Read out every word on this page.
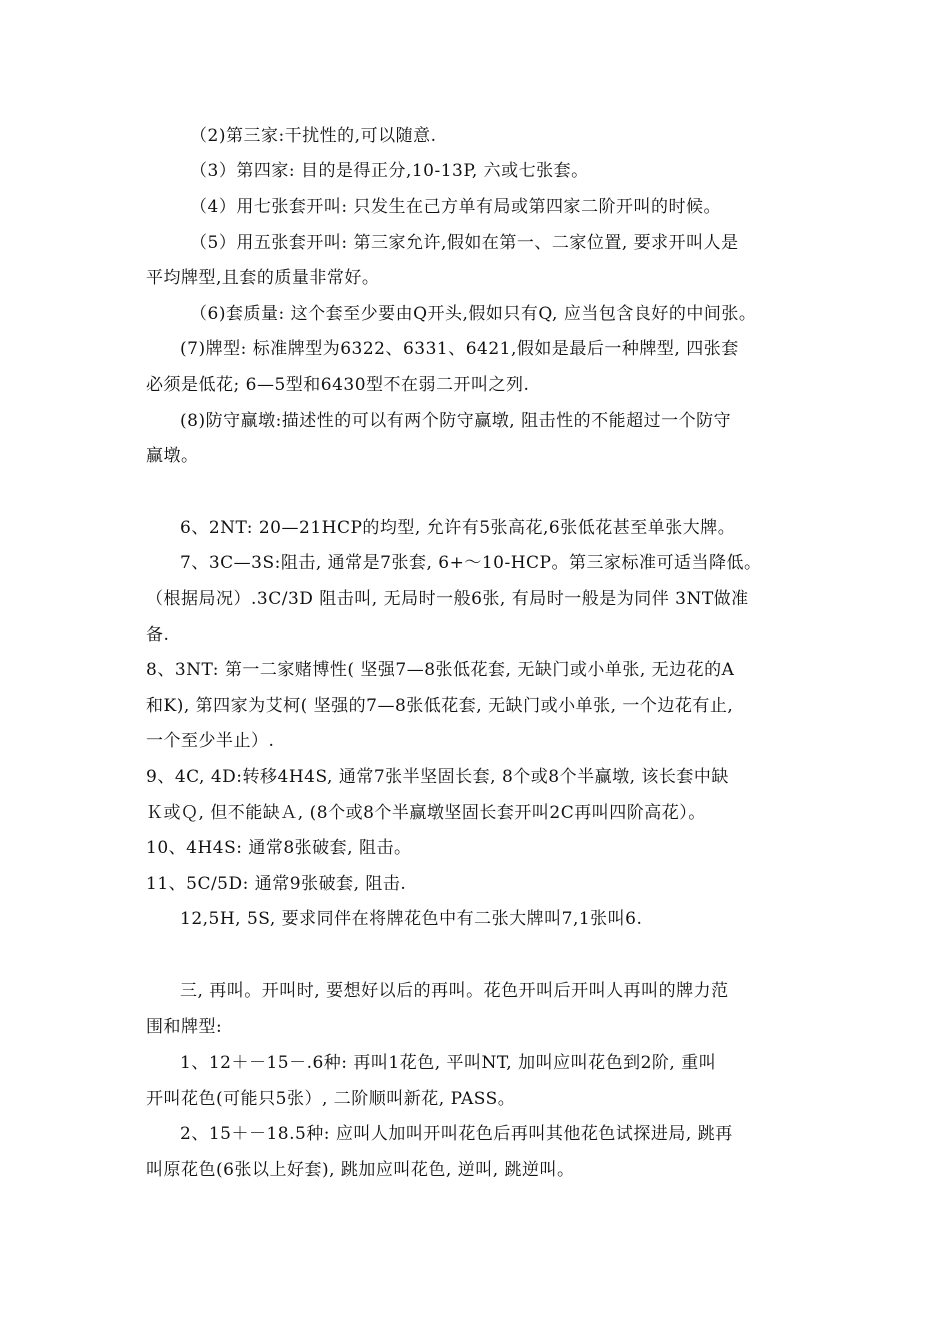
（2)第三家:干扰性的,可以随意.
（3）第四家: 目的是得正分,10-13P, 六或七张套。
（4）用七张套开叫: 只发生在己方单有局或第四家二阶开叫的时候。
（5）用五张套开叫: 第三家允许,假如在第一、二家位置, 要求开叫人是
平均牌型,且套的质量非常好。
（6)套质量: 这个套至少要由Q开头,假如只有Q, 应当包含良好的中间张。
(7)牌型: 标准牌型为6322、6331、6421,假如是最后一种牌型, 四张套
必须是低花; 6—5型和6430型不在弱二开叫之列.
(8)防守赢墩:描述性的可以有两个防守赢墩, 阻击性的不能超过一个防守
赢墩。
6、2NT: 20—21HCP的均型, 允许有5张高花,6张低花甚至单张大牌。
7、3C—3S:阻击, 通常是7张套, 6+～10-HCP。第三家标准可适当降低。
（根据局况）.3C/3D 阻击叫, 无局时一般6张, 有局时一般是为同伴 3NT做准
备.
8、3NT: 第一二家赌博性( 坚强7—8张低花套, 无缺门或小单张, 无边花的A
和K), 第四家为艾柯( 坚强的7—8张低花套, 无缺门或小单张, 一个边花有止,
一个至少半止）.
9、4C, 4D:转移4H4S, 通常7张半坚固长套, 8个或8个半赢墩, 该长套中缺
Ｋ或Ｑ, 但不能缺Ａ, (8个或8个半赢墩坚固长套开叫2C再叫四阶高花）。
10、4H4S: 通常8张破套, 阻击。
11、5C/5D: 通常9张破套, 阻击.
12,5H, 5S, 要求同伴在将牌花色中有二张大牌叫7,1张叫6.
三, 再叫。开叫时, 要想好以后的再叫。花色开叫后开叫人再叫的牌力范
围和牌型:
1、12＋－15－.6种: 再叫1花色, 平叫NT, 加叫应叫花色到2阶, 重叫
开叫花色(可能只5张）, 二阶顺叫新花, PASS。
2、15＋－18.5种: 应叫人加叫开叫花色后再叫其他花色试探进局, 跳再
叫原花色(6张以上好套), 跳加应叫花色, 逆叫, 跳逆叫。
